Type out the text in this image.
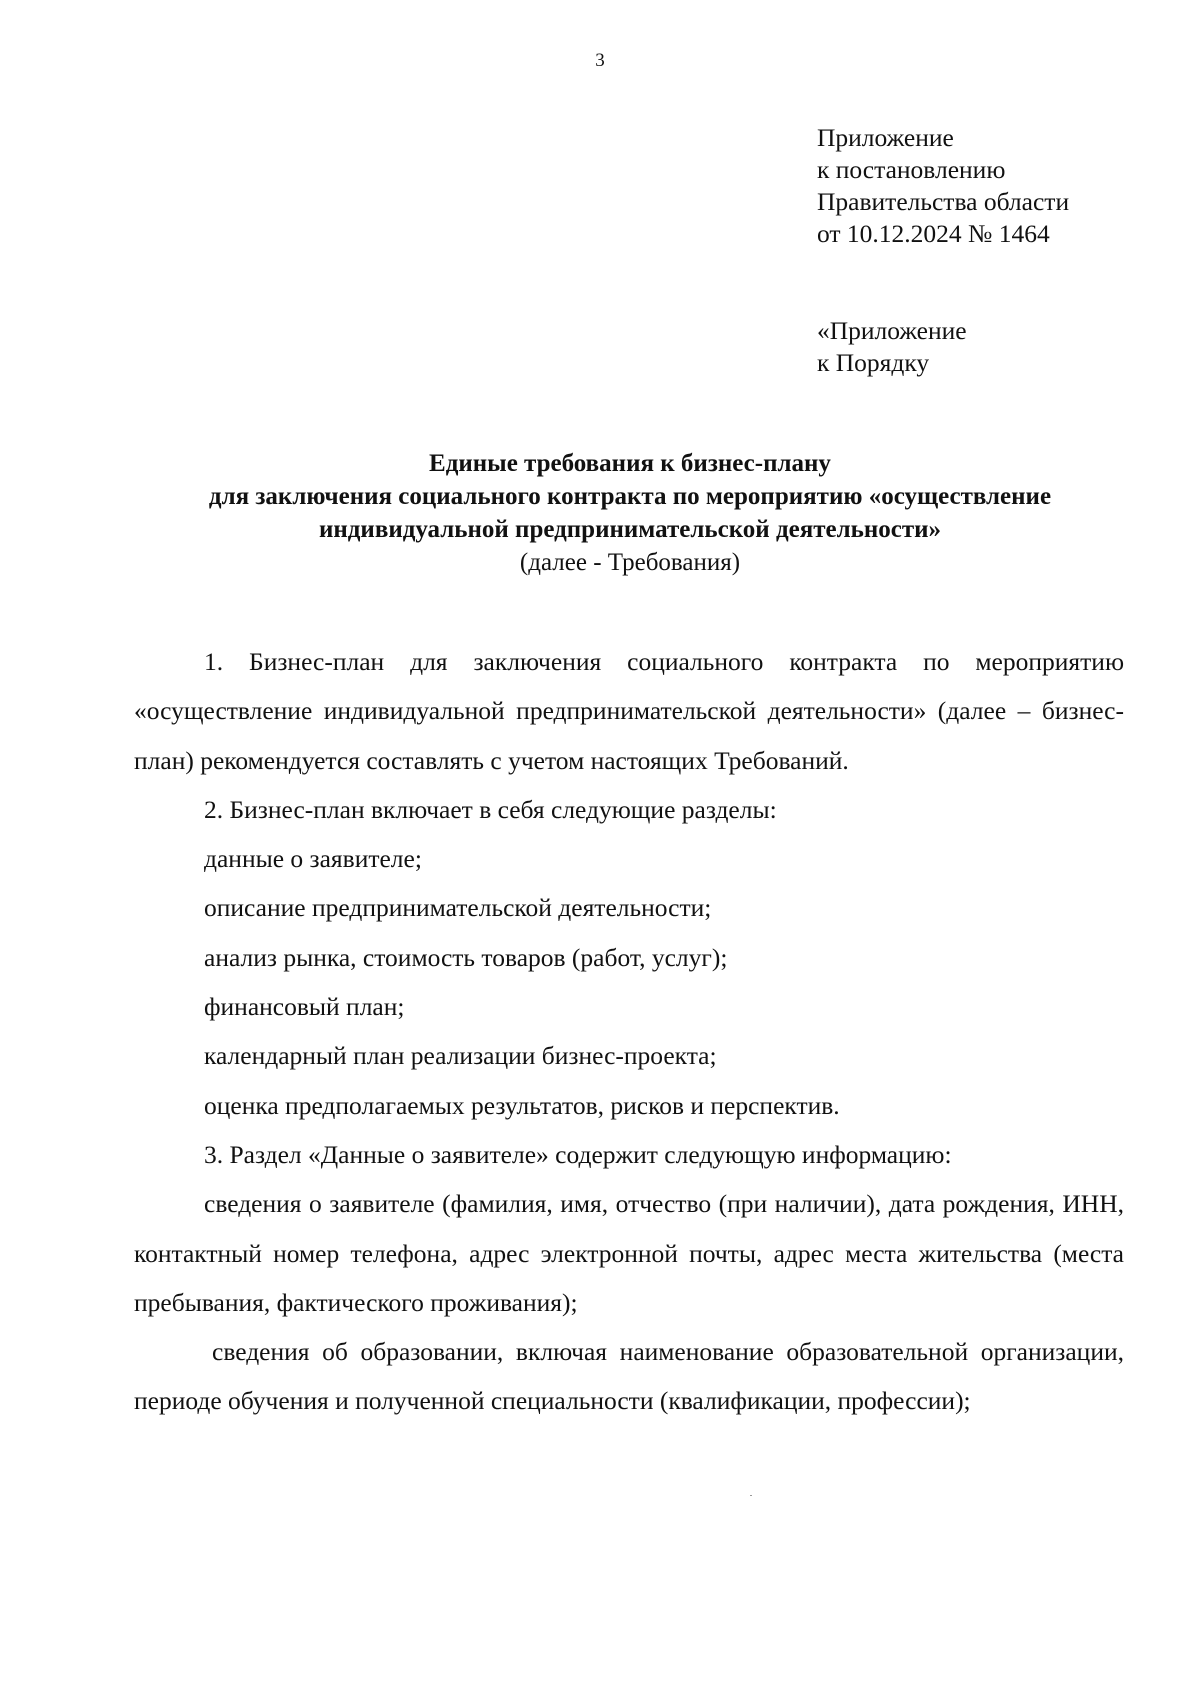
3
Приложение
к постановлению
Правительства области
от 10.12.2024 № 1464
«Приложение
к Порядку
Единые требования к бизнес-плану
для заключения социального контракта по мероприятию «осуществление
индивидуальной предпринимательской деятельности»
(далее - Требования)

1. Бизнес-план для заключения социального контракта по мероприятию «осуществление индивидуальной предпринимательской деятельности» (далее – бизнес-план) рекомендуется составлять с учетом настоящих Требований.

2. Бизнес-план включает в себя следующие разделы:

данные о заявителе;

описание предпринимательской деятельности;

анализ рынка, стоимость товаров (работ, услуг);

финансовый план;

календарный план реализации бизнес-проекта;

оценка предполагаемых результатов, рисков и перспектив.

3. Раздел «Данные о заявителе» содержит следующую информацию:

сведения о заявителе (фамилия, имя, отчество (при наличии), дата рождения, ИНН, контактный номер телефона, адрес электронной почты, адрес места жительства (места пребывания, фактического проживания);

сведения об образовании, включая наименование образовательной организации, периоде обучения и полученной специальности (квалификации, профессии);
